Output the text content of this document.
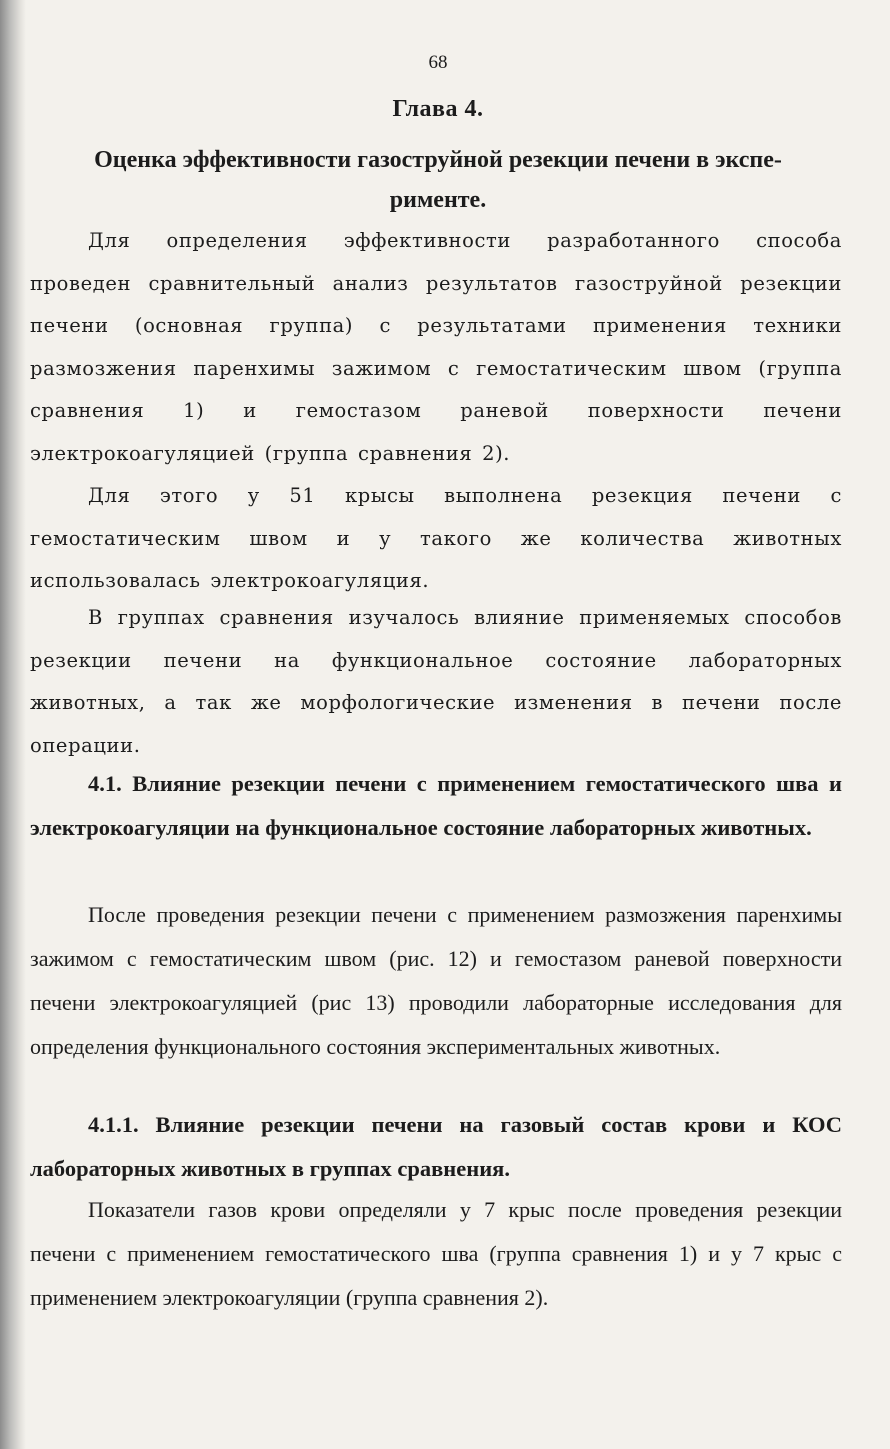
68
Глава 4.
Оценка эффективности газоструйной резекции печени в экспе-
рименте.

Для определения эффективности разработанного способа проведен сравнительный анализ результатов газоструйной резекции печени (основная группа) с результатами применения техники размозжения паренхимы зажимом с гемостатическим швом (группа сравнения 1) и гемостазом раневой поверхности печени электрокоагуляцией (группа сравнения 2).

Для этого у 51 крысы выполнена резекция печени с гемостатическим швом и у такого же количества животных использовалась электрокоагуляция.

В группах сравнения изучалось влияние применяемых способов резекции печени на функциональное состояние лабораторных животных, а так же морфологические изменения в печени после операции.

4.1. Влияние резекции печени с применением гемостатического шва и электрокоагуляции на функциональное состояние лабораторных животных.

После проведения резекции печени с применением размозжения паренхимы зажимом с гемостатическим швом (рис. 12) и гемостазом раневой поверхности печени электрокоагуляцией (рис 13) проводили лабораторные исследования для определения функционального состояния экспериментальных животных.

4.1.1. Влияние резекции печени на газовый состав крови и КОС лабораторных животных в группах сравнения.

Показатели газов крови определяли у 7 крыс после проведения резекции печени с применением гемостатического шва (группа сравнения 1) и у 7 крыс с применением электрокоагуляции (группа сравнения 2).
